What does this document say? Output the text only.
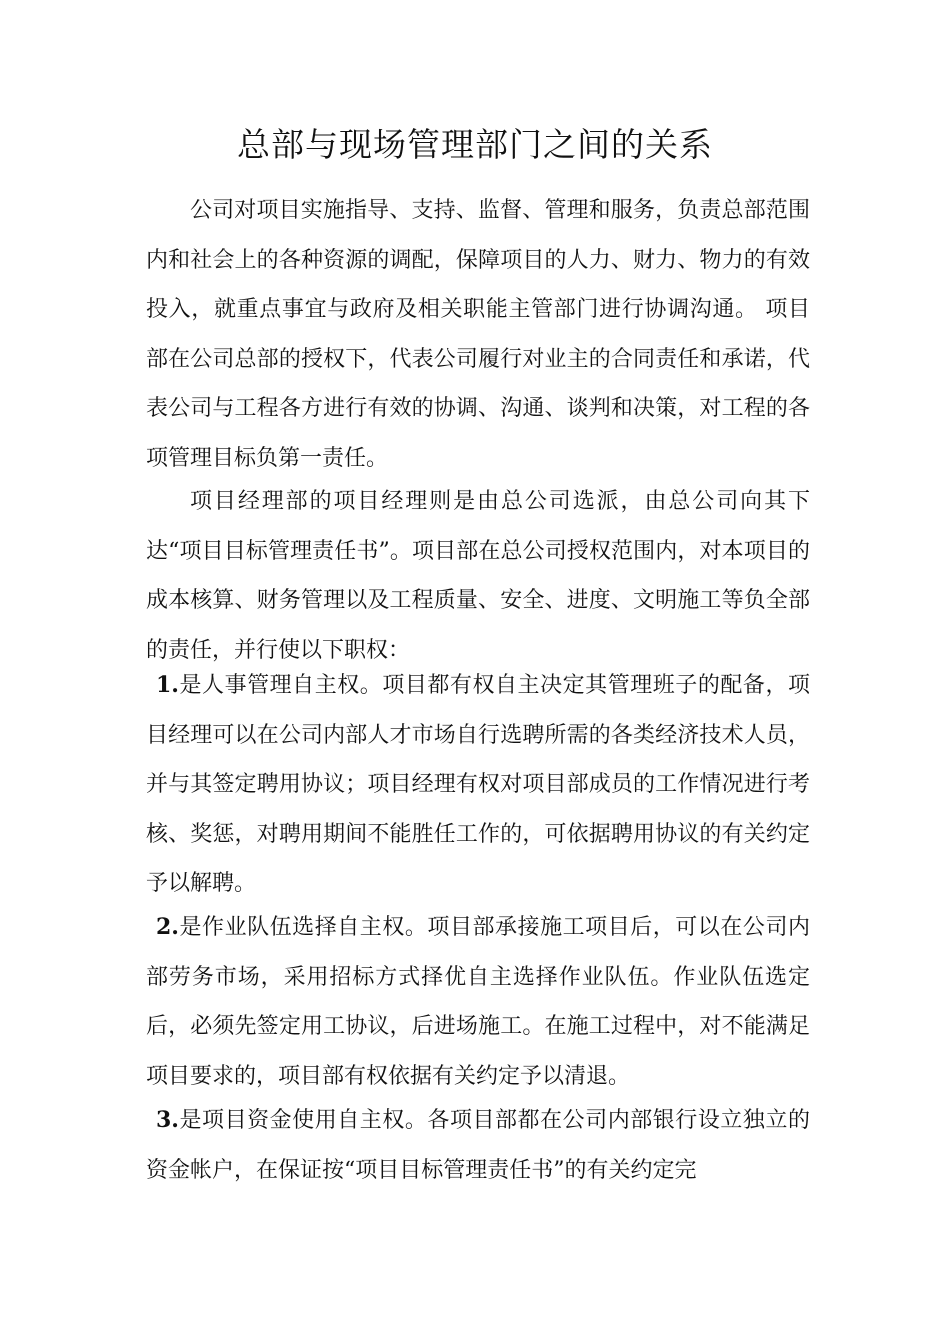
总部与现场管理部门之间的关系

公司对项目实施指导、支持、监督、管理和服务，负责总部范围内和社会上的各种资源的调配，保障项目的人力、财力、物力的有效投入，就重点事宜与政府及相关职能主管部门进行协调沟通。 项目部在公司总部的授权下，代表公司履行对业主的合同责任和承诺，代表公司与工程各方进行有效的协调、沟通、谈判和决策，对工程的各项管理目标负第一责任。

项目经理部的项目经理则是由总公司选派，由总公司向其下达“项目目标管理责任书”。项目部在总公司授权范围内，对本项目的成本核算、财务管理以及工程质量、安全、进度、文明施工等负全部的责任，并行使以下职权：

1.是人事管理自主权。项目都有权自主决定其管理班子的配备，项目经理可以在公司内部人才市场自行选聘所需的各类经济技术人员，并与其签定聘用协议；项目经理有权对项目部成员的工作情况进行考核、奖惩，对聘用期间不能胜任工作的，可依据聘用协议的有关约定予以解聘。

2.是作业队伍选择自主权。项目部承接施工项目后，可以在公司内部劳务市场，采用招标方式择优自主选择作业队伍。作业队伍选定后，必须先签定用工协议，后进场施工。在施工过程中，对不能满足项目要求的，项目部有权依据有关约定予以清退。

3.是项目资金使用自主权。各项目部都在公司内部银行设立独立的资金帐户，在保证按“项目目标管理责任书”的有关约定完
